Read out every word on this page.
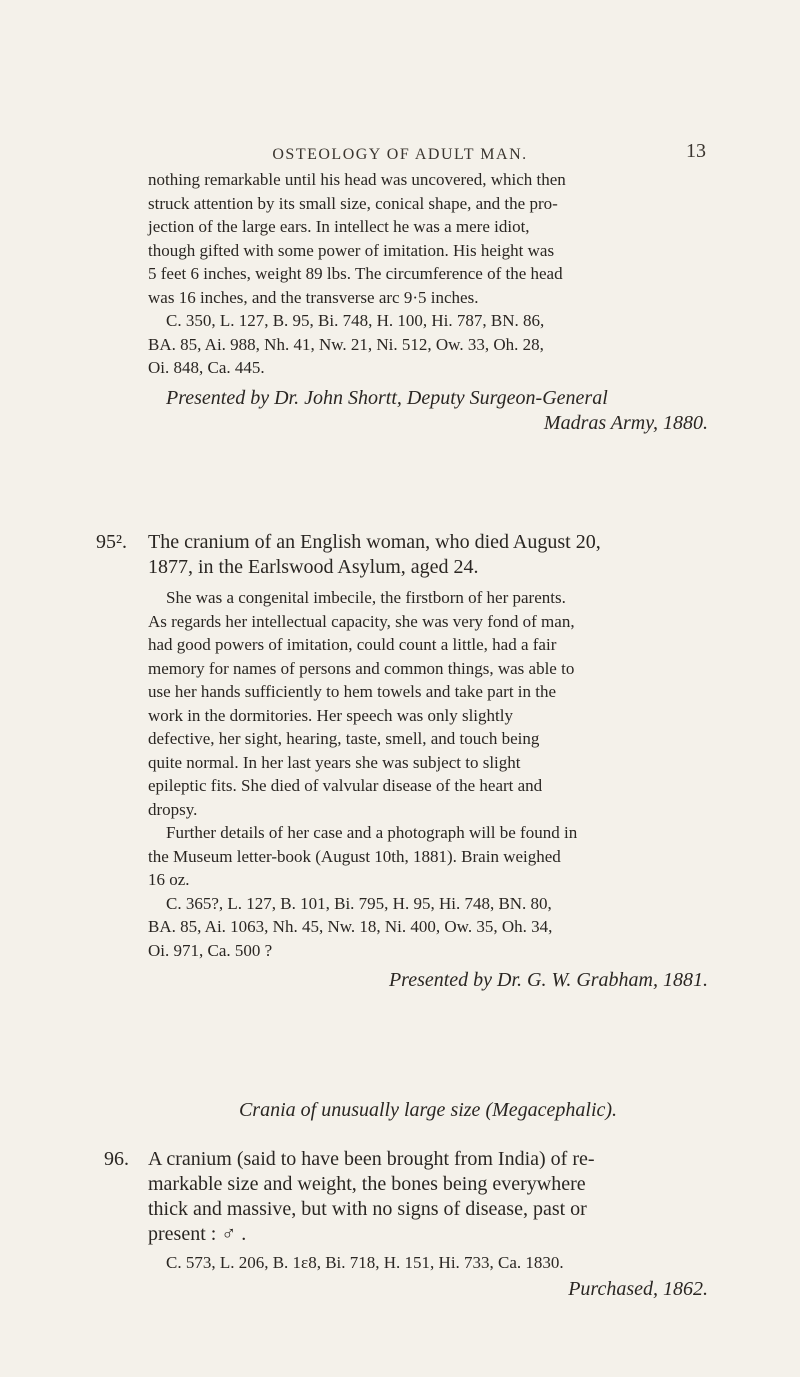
OSTEOLOGY OF ADULT MAN.	13
nothing remarkable until his head was uncovered, which then
struck attention by its small size, conical shape, and the pro-
jection of the large ears. In intellect he was a mere idiot,
though gifted with some power of imitation. His height was
5 feet 6 inches, weight 89 lbs. The circumference of the head
was 16 inches, and the transverse arc 9·5 inches.
C. 350, L. 127, B. 95, Bi. 748, H. 100, Hi. 787, BN. 86,
BA. 85, Ai. 988, Nh. 41, Nw. 21, Ni. 512, Ow. 33, Oh. 28,
Oi. 848, Ca. 445.
Presented by Dr. John Shortt, Deputy Surgeon-General
Madras Army, 1880.
95². The cranium of an English woman, who died August 20,
1877, in the Earlswood Asylum, aged 24.
She was a congenital imbecile, the firstborn of her parents.
As regards her intellectual capacity, she was very fond of man,
had good powers of imitation, could count a little, had a fair
memory for names of persons and common things, was able to
use her hands sufficiently to hem towels and take part in the
work in the dormitories. Her speech was only slightly
defective, her sight, hearing, taste, smell, and touch being
quite normal. In her last years she was subject to slight
epileptic fits. She died of valvular disease of the heart and
dropsy.
Further details of her case and a photograph will be found in
the Museum letter-book (August 10th, 1881). Brain weighed
16 oz.
C. 365?, L. 127, B. 101, Bi. 795, H. 95, Hi. 748, BN. 80,
BA. 85, Ai. 1063, Nh. 45, Nw. 18, Ni. 400, Ow. 35, Oh. 34,
Oi. 971, Ca. 500 ?
Presented by Dr. G. W. Grabham, 1881.
Crania of unusually large size (Megacephalic).
96. A cranium (said to have been brought from India) of re-
markable size and weight, the bones being everywhere
thick and massive, but with no signs of disease, past or
present : ♂ .
C. 573, L. 206, B. 1ɛ8, Bi. 718, H. 151, Hi. 733, Ca. 1830.
Purchased, 1862.
